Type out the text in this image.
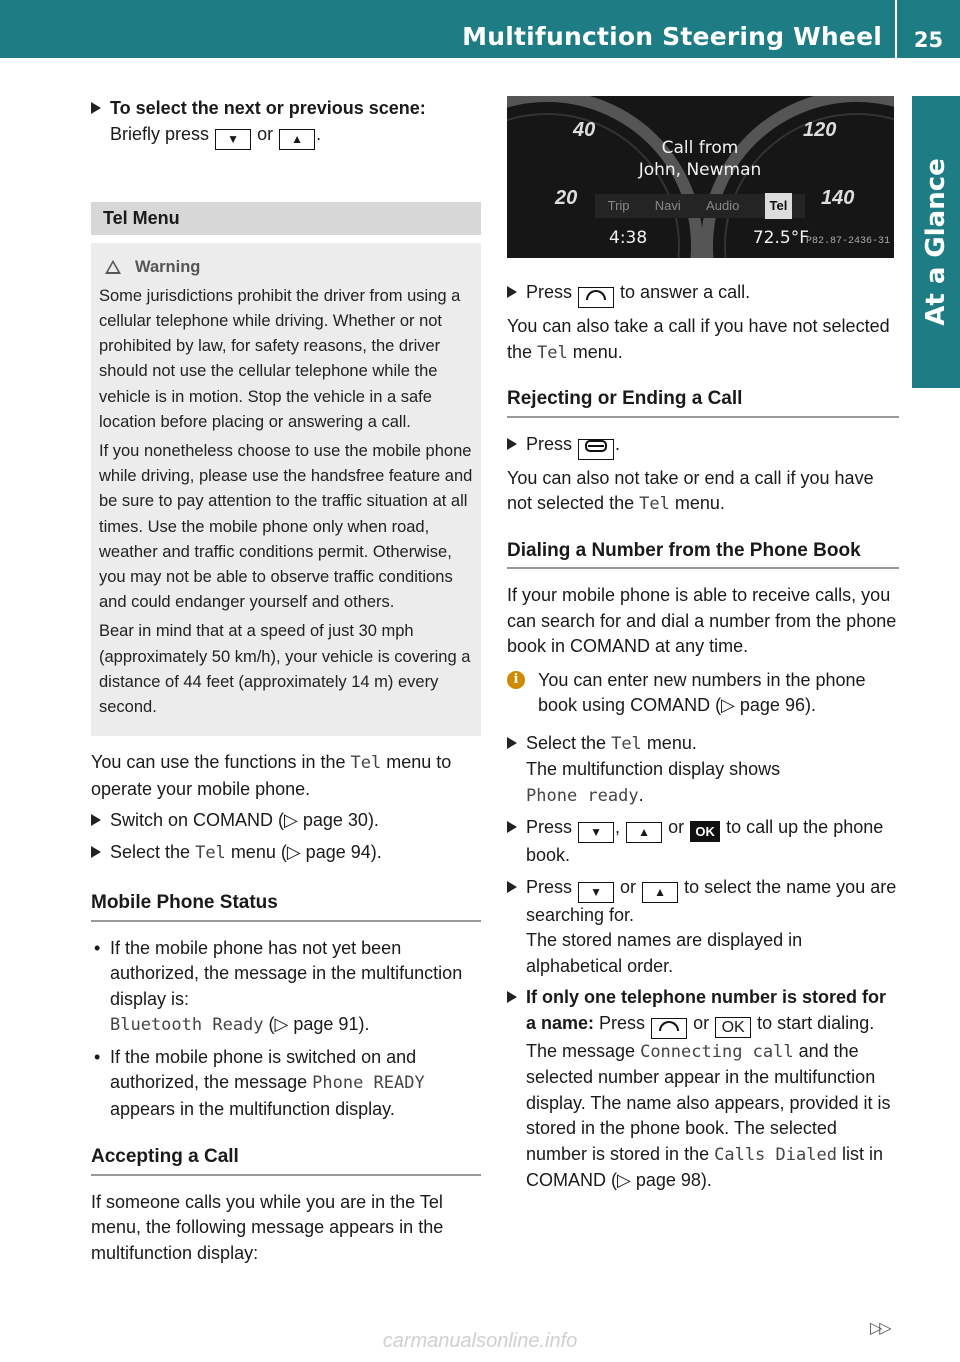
Multifunction Steering Wheel	25
At a Glance
To select the next or previous scene:
Briefly press ▼ or ▲ .
Tel Menu
Warning

Some jurisdictions prohibit the driver from using a cellular telephone while driving. Whether or not prohibited by law, for safety reasons, the driver should not use the cellular telephone while the vehicle is in motion. Stop the vehicle in a safe location before placing or answering a call.

If you nonetheless choose to use the mobile phone while driving, please use the handsfree feature and be sure to pay attention to the traffic situation at all times. Use the mobile phone only when road, weather and traffic conditions permit. Otherwise, you may not be able to observe traffic conditions and could endanger yourself and others.

Bear in mind that at a speed of just 30 mph (approximately 50 km/h), your vehicle is covering a distance of 44 feet (approximately 14 m) every second.

You can use the functions in the Tel menu to operate your mobile phone.

Switch on COMAND (▷ page 30).
Select the Tel menu (▷ page 94).
Mobile Phone Status
• If the mobile phone has not yet been authorized, the message in the multifunction display is:
Bluetooth Ready (▷ page 91).
• If the mobile phone is switched on and authorized, the message Phone READY appears in the multifunction display.
Accepting a Call

If someone calls you while you are in the Tel menu, the following message appears in the multifunction display:

40
20
120
140
Call from
John, Newman
Trip Navi Audio	Tel
4:38	72.5°F
P82.87-2436-31
Press	to answer a call.

You can also take a call if you have not selected the Tel menu.

Rejecting or Ending a Call
Press .

You can also not take or end a call if you have not selected the Tel menu.

Dialing a Number from the Phone Book

If your mobile phone is able to receive calls, you can search for and dial a number from the phone book in COMAND at any time.

i	You can enter new numbers in the phone book using COMAND (▷ page 96).
Select the Tel menu.
The multifunction display shows
Phone ready.
Press ▼ , ▲ or OK to call up the phone book.
Press ▼ or ▲ to select the name you are searching for.
The stored names are displayed in alphabetical order.
If only one telephone number is stored for a name: Press	or OK to start dialing.
The message Connecting call and the selected number appear in the multifunction display. The name also appears, provided it is stored in the phone book. The selected number is stored in the Calls Dialed list in COMAND (▷ page 98).
▷▷
carmanualsonline.info
